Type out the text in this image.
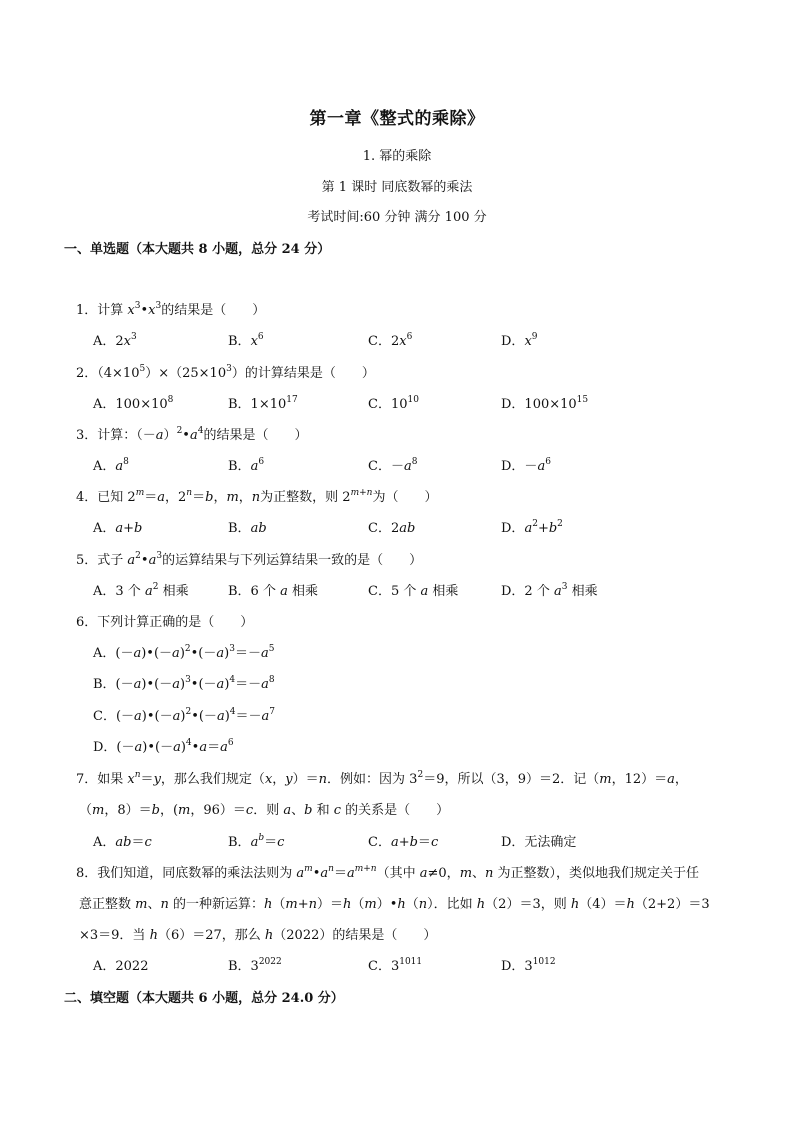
第一章《整式的乘除》
1. 幂的乘除
第 1 课时 同底数幂的乘法
考试时间:60 分钟 满分 100 分
一、单选题（本大题共 8 小题，总分 24 分）
1．计算 $x^3•x^3$的结果是（　　）
A．$2x^3$	B．$x^6$	C．$2x^6$	D．$x^9$
2．$(4\times 10^5)\times(25\times 10^3)$的计算结果是（　　）
A．$100\times 10^8$	B．$1\times 10^{17}$	C．$10^{10}$	D．$100\times 10^{15}$
3．计算：$(-a)^2•a^4$的结果是（　　）
A．$a^8$	B．$a^6$	C．$-a^8$	D．$-a^6$
4．已知 $2^m=a$，$2^n=b$，m，n为正整数，则 $2^{m+n}$为（　　）
A．a+b	B．ab	C．2ab	D．$a^2+b^2$
5．式子 $a^2•a^3$的运算结果与下列运算结果一致的是（　　）
A．3 个 $a^2$ 相乘	B．6 个 a 相乘	C．5 个 a 相乘	D．2 个 $a^3$ 相乘
6．下列计算正确的是（　　）
A．$(-a)•(-a)^2•(-a)^3=-a^5$
B．$(-a)•(-a)^3•(-a)^4=-a^8$
C．$(-a)•(-a)^2•(-a)^4=-a^7$
D．$(-a)•(-a)^4•a=a^6$
7．如果 $x^n=y$，那么我们规定（x，y）＝n．例如：因为 $3^2=9$，所以（3，9）＝2．记（m，12）＝a，
（m，8）＝b，(m，96）＝c．则 a、b 和 c 的关系是（　　）
A．ab＝c	B．$a^b=c$	C．a+b＝c	D．无法确定
8．我们知道，同底数幂的乘法法则为 $a^m•a^n=a^{m+n}$（其中 a≠0，m、n 为正整数），类似地我们规定关于任
意正整数 m、n 的一种新运算：h（m+n）＝h（m）•h（n）．比如 h（2）＝3，则 h（4）＝h（2+2）＝3
×3＝9．当 h（6）＝27，那么 h（2022）的结果是（　　）
A．2022	B．$3^{2022}$	C．$3^{1011}$	D．$3^{1012}$
二、填空题（本大题共 6 小题，总分 24.0 分）
